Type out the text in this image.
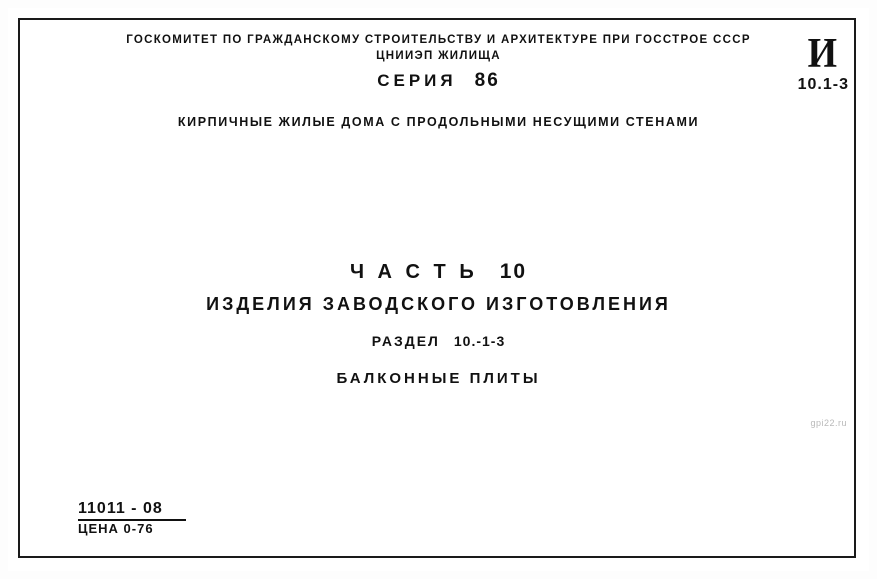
ГОСКОМИТЕТ ПО ГРАЖДАНСКОМУ СТРОИТЕЛЬСТВУ И АРХИТЕКТУРЕ ПРИ ГОССТРОЕ СССР
ЦНИИЭП ЖИЛИЩА
СЕРИЯ 86
КИРПИЧНЫЕ ЖИЛЫЕ ДОМА С ПРОДОЛЬНЫМИ НЕСУЩИМИ СТЕНАМИ
И
10.1-3
Ч А С Т Ь 10
ИЗДЕЛИЯ ЗАВОДСКОГО ИЗГОТОВЛЕНИЯ
РАЗДЕЛ 10.-1-3
БАЛКОННЫЕ ПЛИТЫ
11011 - 08
ЦЕНА 0-76
gpi22.ru
